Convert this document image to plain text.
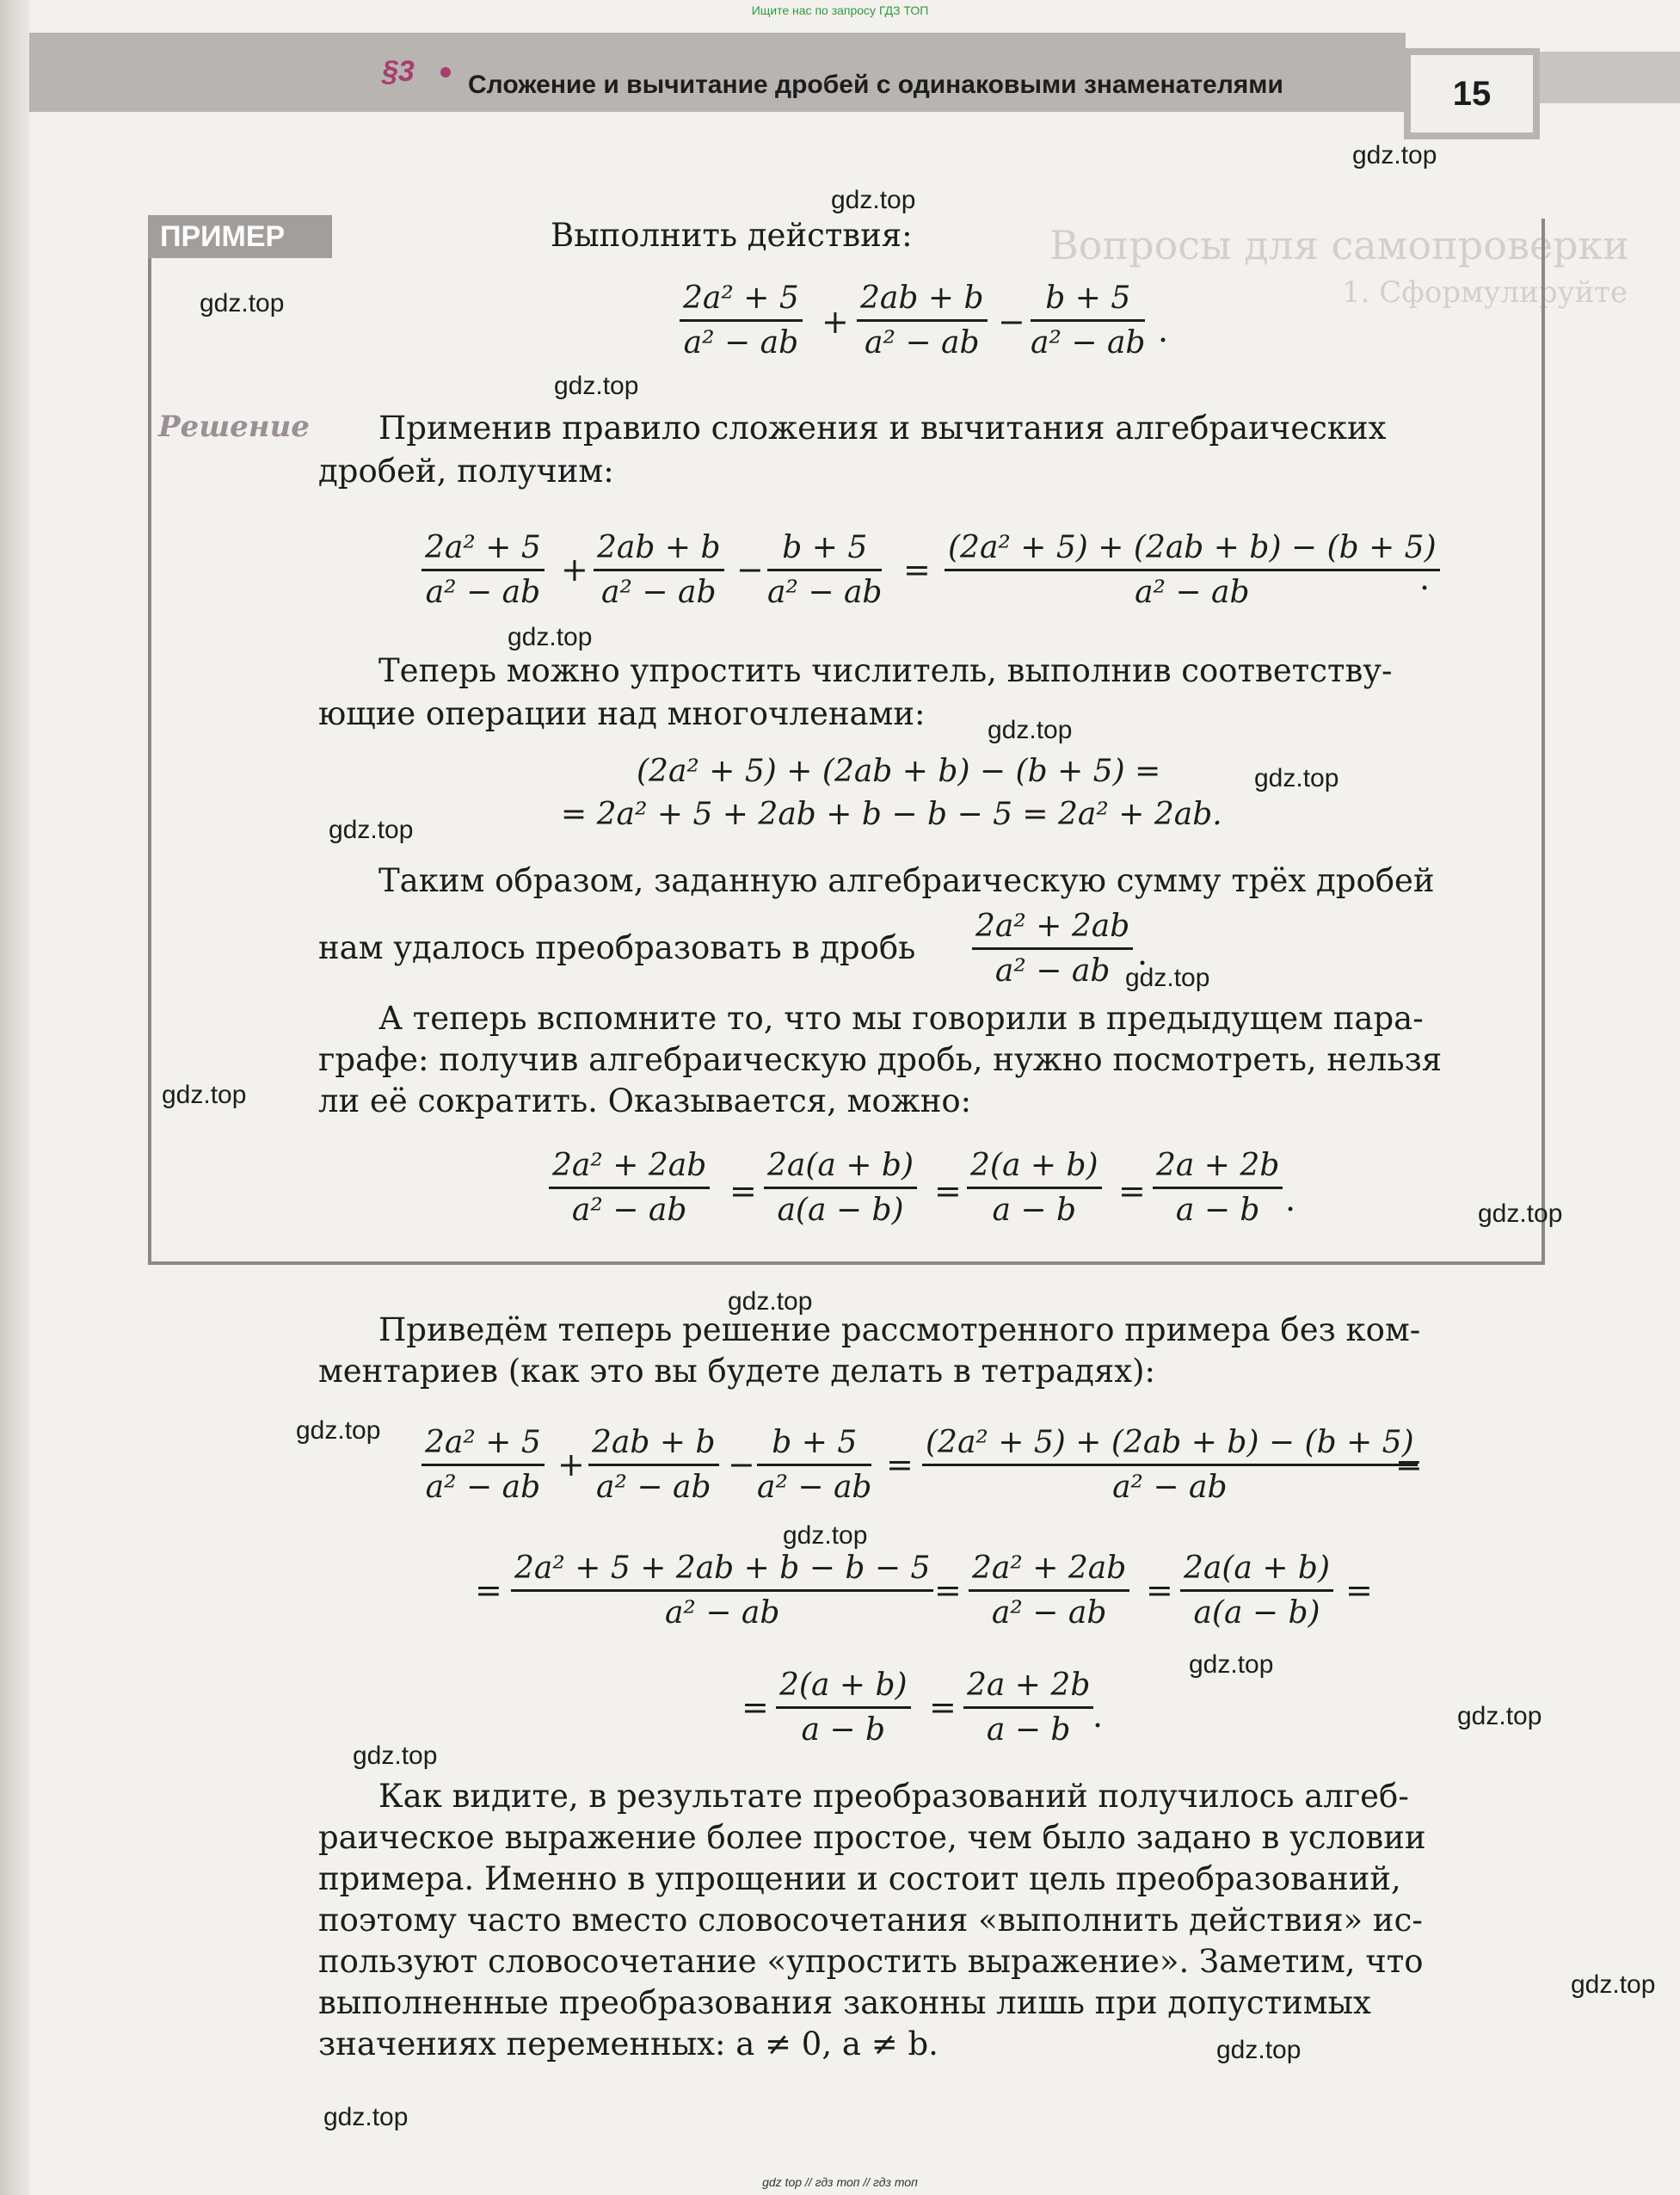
Ищите нас по запросу ГДЗ ТОП
Вопросы для самопроверки
1. Сформулируйте
§3 Сложение и вычитание дробей с одинаковыми знаменателями	15
ПРИМЕР	Выполнить действия:
$\frac{\text{2a² + 5}}{\text{a² − ab}} + \frac{2ab + b}{\text{a² − ab}} - \frac{b + 5}{\text{a² − ab}}$ .
Решение Применив правило сложения и вычитания алгебраических
дробей, получим:
$\frac{\text{2a² + 5}}{\text{a² − ab}} + \frac{2ab + b}{\text{a² − ab}} - \frac{b + 5}{\text{a² − ab}} = \frac{\text{(2a² + 5) + (2ab + b) − (b + 5)}}{\text{a² − ab}}$
.
Теперь можно упростить числитель, выполнив соответству-
ющие операции над многочленами:
(2a² + 5) + (2ab + b) − (b + 5) =
= 2a² + 5 + 2ab + b − b − 5 = 2a² + 2ab.
Таким образом, заданную алгебраическую сумму трёх дробей
нам удалось преобразовать в дробь $\frac{\text{2a² + 2ab}}{\text{a² − ab}}$ .
А теперь вспомните то, что мы говорили в предыдущем пара-
графе: получив алгебраическую дробь, нужно посмотреть, нельзя
ли её сократить. Оказывается, можно:
$\frac{\text{2a² + 2ab}}{\text{a² − ab}} = \frac{2a(a + b)}{a(a - b)} = \frac{2(a + b)}{a - b} = \frac{2a + 2b}{a - b}$ .
Приведём теперь решение рассмотренного примера без ком-
ментариев (как это вы будете делать в тетрадях):
$\frac{\text{2a² + 5}}{\text{a² − ab}} + \frac{2ab + b}{\text{a² − ab}} - \frac{b + 5}{\text{a² − ab}} = \frac{\text{(2a² + 5) + (2ab + b) − (b + 5)}}{\text{a² − ab}}$
=
= $\frac{\text{2a² + 5 + 2ab + b − b − 5}}{\text{a² − ab}} = \frac{\text{2a² + 2ab}}{\text{a² − ab}} = \frac{2a(a + b)}{a(a - b)}$ =
= $\frac{2(a + b)}{a - b} = \frac{2a + 2b}{a - b}$
.
Как видите, в результате преобразований получилось алгеб-
раическое выражение более простое, чем было задано в условии
примера. Именно в упрощении и состоит цель преобразований,
поэтому часто вместо словосочетания «выполнить действия» ис-
пользуют словосочетание «упростить выражение». Заметим, что
выполненные преобразования законны лишь при допустимых
значениях переменных: a ≠ 0, a ≠ b.
gdz.top
gdz.top
gdz.top
gdz.top
gdz.top
gdz.top
gdz.top
gdz.top
gdz.top
gdz.top
gdz.top
gdz.top
gdz.top
gdz.top
gdz.top
gdz.top
gdz.top
gdz.top
gdz.top
gdz.top
gdz top // гдз топ // гдз топ
